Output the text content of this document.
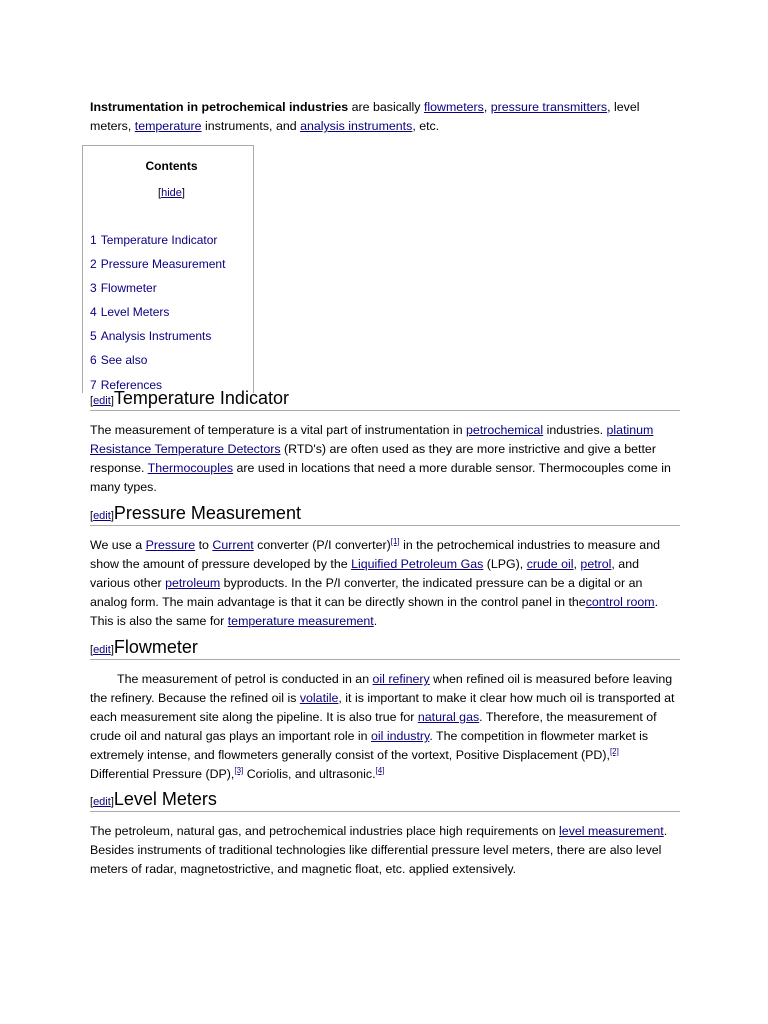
Instrumentation in petrochemical industries are basically flowmeters, pressure transmitters, level meters, temperature instruments, and analysis instruments, etc.

Contents
[hide]
1 Temperature Indicator
2 Pressure Measurement
3 Flowmeter
4 Level Meters
5 Analysis Instruments
6 See also
7 References
[edit] Temperature Indicator

The measurement of temperature is a vital part of instrumentation in petrochemical industries. platinum Resistance Temperature Detectors (RTD's) are often used as they are more instrictive and give a better response. Thermocouples are used in locations that need a more durable sensor. Thermocouples come in many types.

[edit] Pressure Measurement

We use a Pressure to Current converter (P/I converter)[1] in the petrochemical industries to measure and show the amount of pressure developed by the Liquified Petroleum Gas (LPG), crude oil, petrol, and various other petroleum byproducts. In the P/I converter, the indicated pressure can be a digital or an analog form. The main advantage is that it can be directly shown in the control panel in thecontrol room. This is also the same for temperature measurement.

[edit] Flowmeter

The measurement of petrol is conducted in an oil refinery when refined oil is measured before leaving the refinery. Because the refined oil is volatile, it is important to make it clear how much oil is transported at each measurement site along the pipeline. It is also true for natural gas. Therefore, the measurement of crude oil and natural gas plays an important role in oil industry. The competition in flowmeter market is extremely intense, and flowmeters generally consist of the vortext, Positive Displacement (PD),[2] Differential Pressure (DP),[3] Coriolis, and ultrasonic.[4]

[edit] Level Meters

The petroleum, natural gas, and petrochemical industries place high requirements on level measurement. Besides instruments of traditional technologies like differential pressure level meters, there are also level meters of radar, magnetostrictive, and magnetic float, etc. applied extensively.
